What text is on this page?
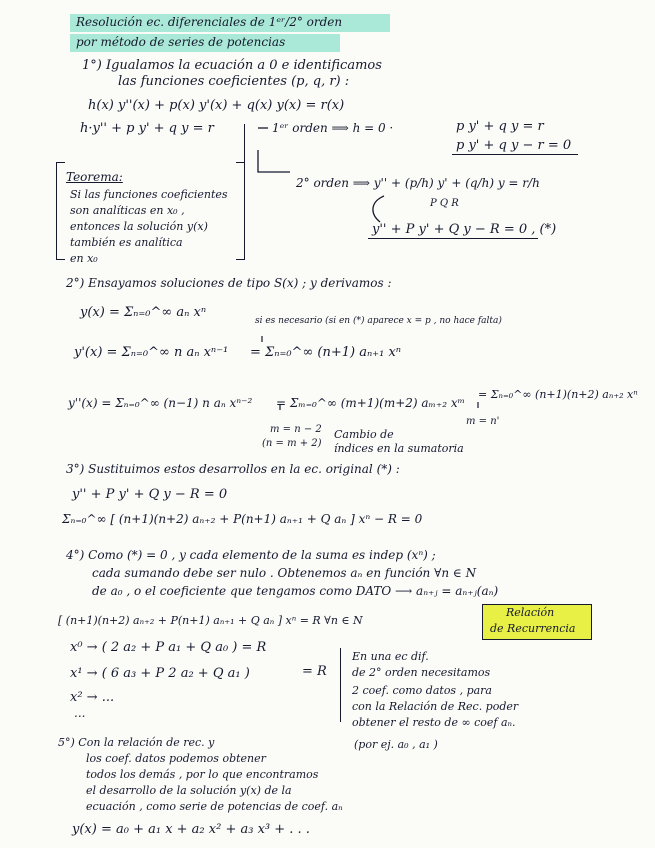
Resolución ec. diferenciales de 1ᵉʳ/2° orden
por método de series de potencias
1°) Igualamos la ecuación a 0 e identificamos
las funciones coeficientes (p, q, r) :
h(x) y''(x) + p(x) y'(x) + q(x) y(x) = r(x)
h·y'' + p y' + q y = r	1ᵉʳ orden ⟹ h = 0 ·	p y' + q y = r
p y' + q y − r = 0
2° orden ⟹ y'' + (p/h) y' + (q/h) y = r/h
P Q R
y'' + P y' + Q y − R = 0 , (*)
Teorema:
Si las funciones coeficientes
son analíticas en x₀ ,
entonces la solución y(x)
también es analítica
en x₀
2°) Ensayamos soluciones de tipo S(x) ; y derivamos :
y(x) = Σₙ₌₀^∞ aₙ xⁿ
si es necesario (si en (*) aparece x = p , no hace falta)
y'(x) = Σₙ₌₀^∞ n aₙ xⁿ⁻¹ = Σₙ₌₀^∞ (n+1) aₙ₊₁ xⁿ
y''(x) = Σₙ₌₀^∞ (n−1) n aₙ xⁿ⁻² = Σₘ₌₀^∞ (m+1)(m+2) aₘ₊₂ xᵐ
= Σₙ₌₀^∞ (n+1)(n+2) aₙ₊₂ xⁿ
m = n − 2
(n = m + 2)
m = n'
Cambio de
índices en la sumatoria
3°) Sustituimos estos desarrollos en la ec. original (*) :
y'' + P y' + Q y − R = 0
Σₙ₌₀^∞ [ (n+1)(n+2) aₙ₊₂ + P(n+1) aₙ₊₁ + Q aₙ ] xⁿ − R = 0
4°) Como (*) = 0 , y cada elemento de la suma es indep (xⁿ) ;
cada sumando debe ser nulo . Obtenemos aₙ en función ∀n ∈ N
de a₀ , o el coeficiente que tengamos como DATO ⟶ aₙ₊ⱼ = aₙ₊ⱼ(aₙ)
[ (n+1)(n+2) aₙ₊₂ + P(n+1) aₙ₊₁ + Q aₙ ] xⁿ = R ∀n ∈ N
Relación
de Recurrencia
x⁰ → ( 2 a₂ + P a₁ + Q a₀ ) = R
x¹ → ( 6 a₃ + P 2 a₂ + Q a₁ )	= R
x² → ...
...
En una ec dif.
de 2° orden necesitamos
2 coef. como datos , para
con la Relación de Rec. poder
obtener el resto de ∞ coef aₙ.
5°) Con la relación de rec. y	(por ej. a₀ , a₁ )
los coef. datos podemos obtener
todos los demás , por lo que encontramos
el desarrollo de la solución y(x) de la
ecuación , como serie de potencias de coef. aₙ
y(x) = a₀ + a₁ x + a₂ x² + a₃ x³ + . . .
